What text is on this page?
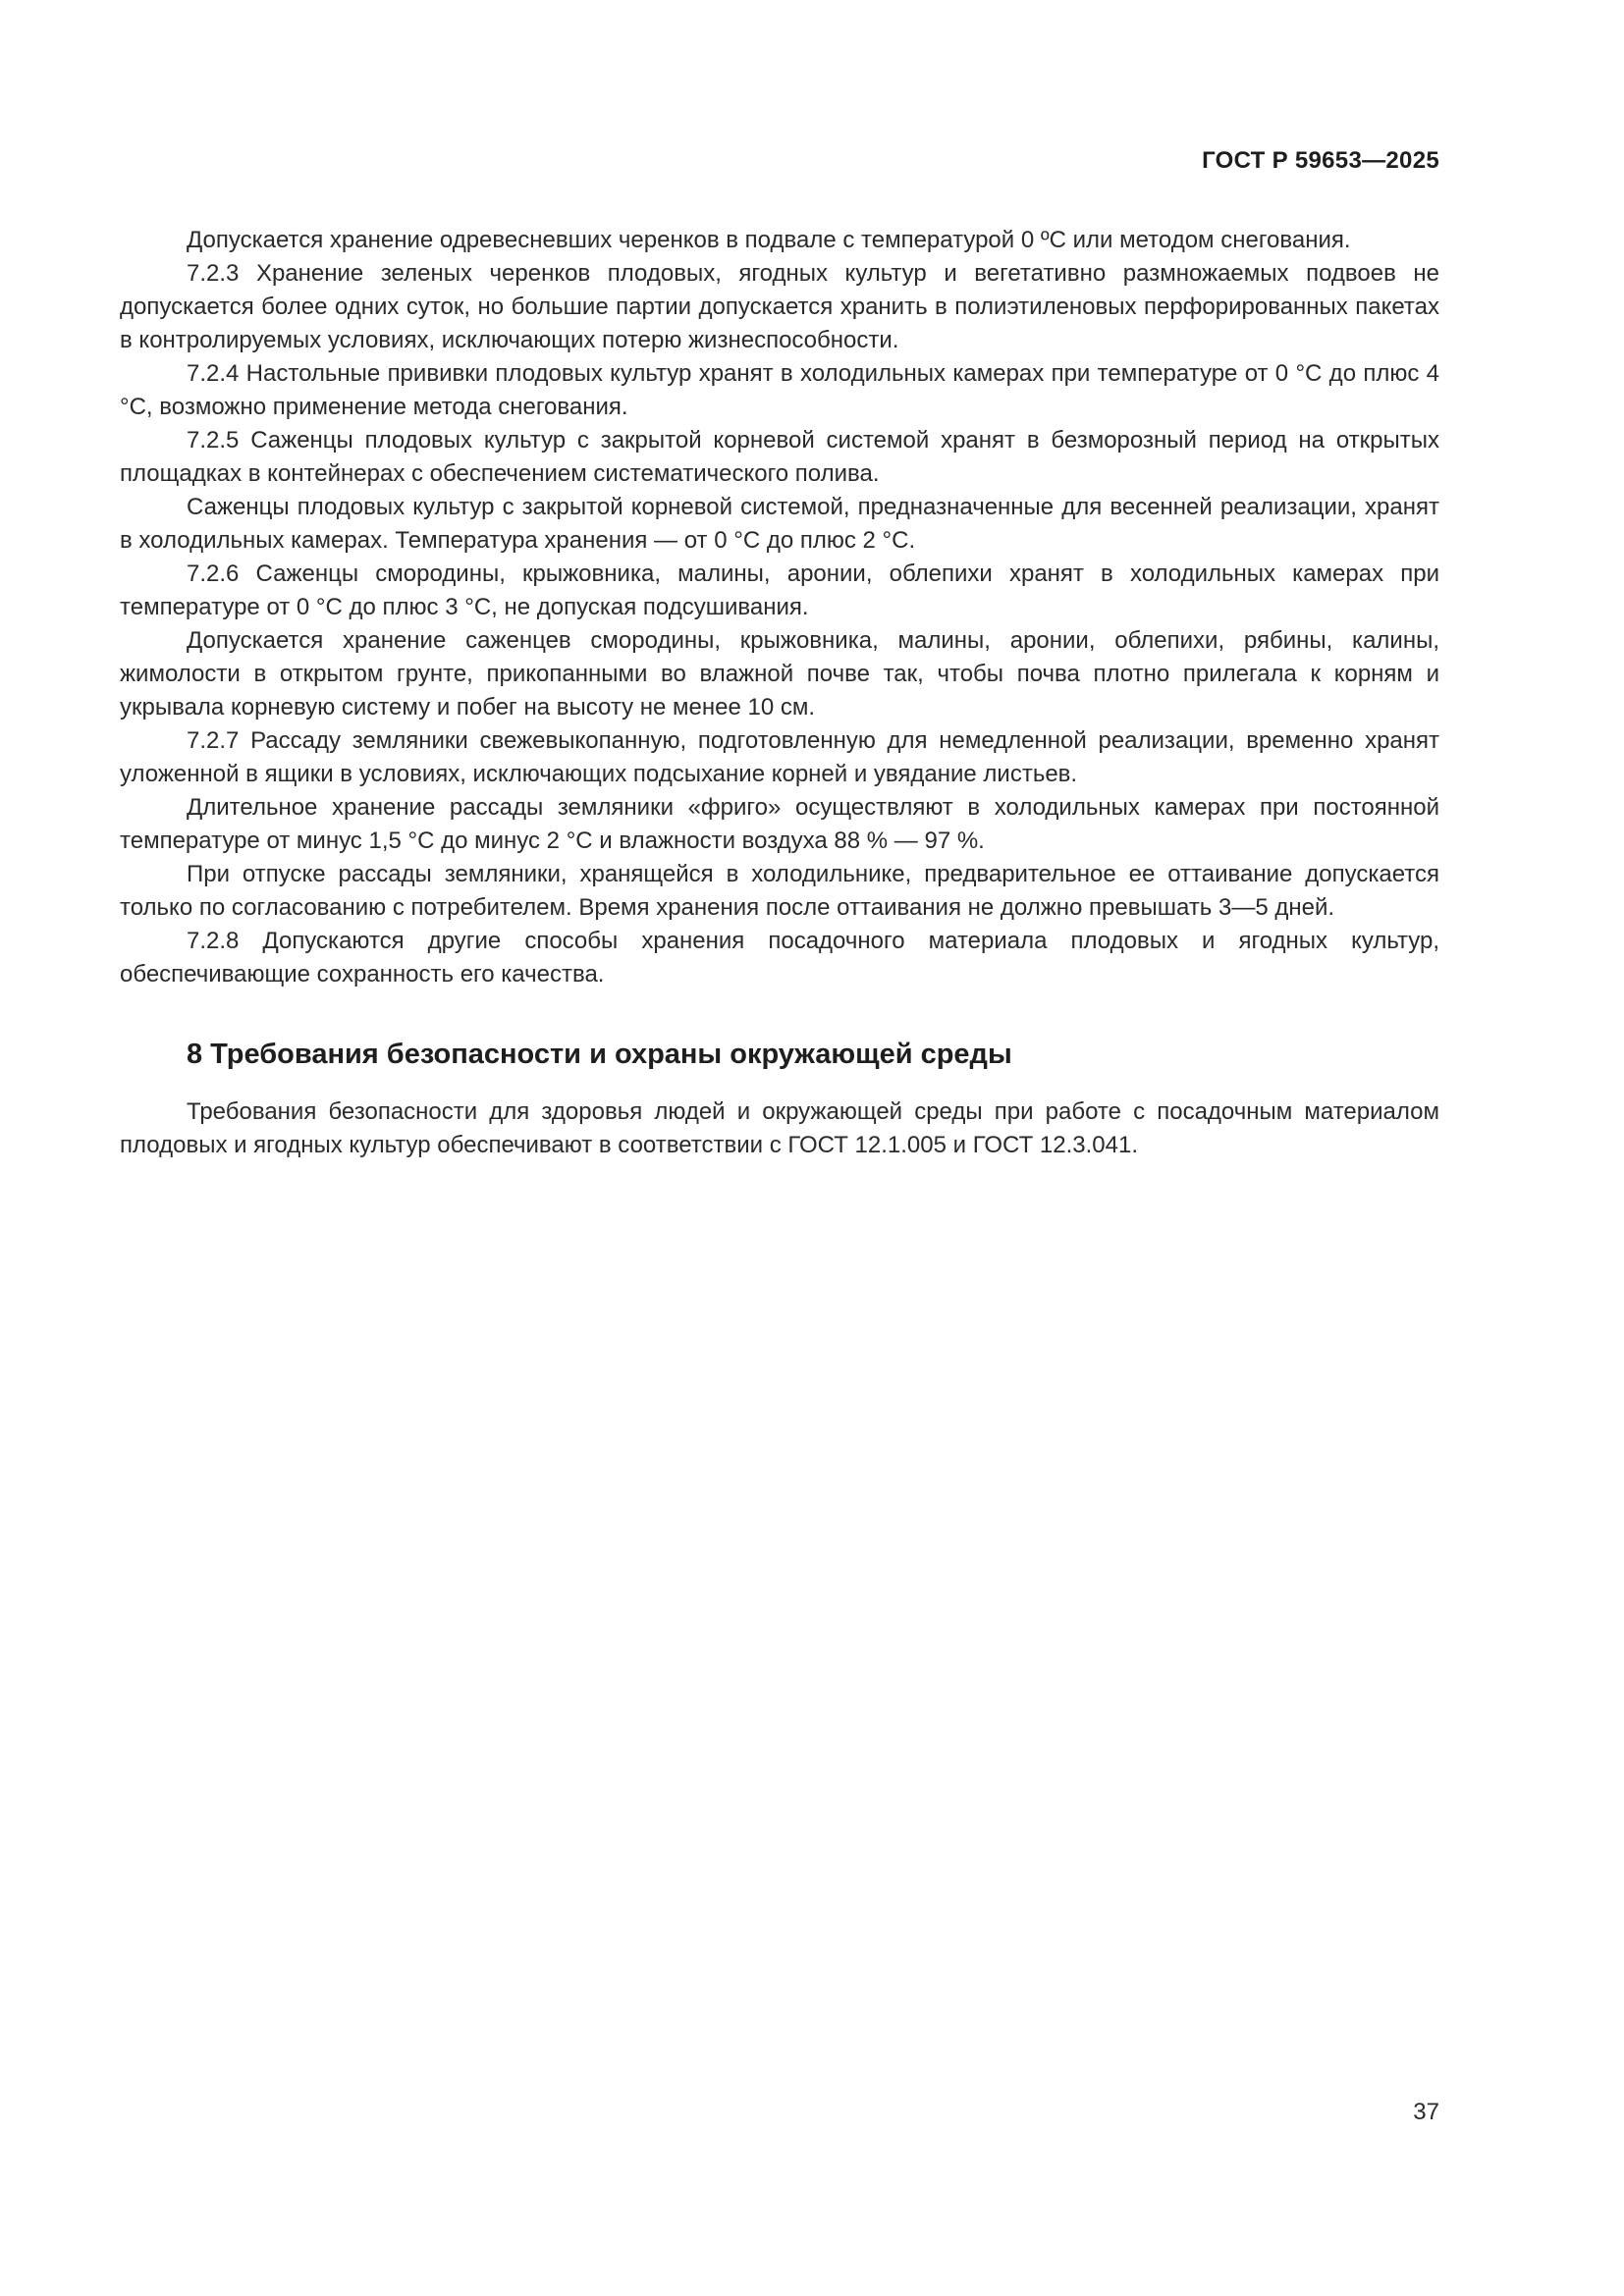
ГОСТ Р 59653—2025

Допускается хранение одревесневших черенков в подвале с температурой 0 ºС или методом снегования.

7.2.3 Хранение зеленых черенков плодовых, ягодных культур и вегетативно размножаемых подвоев не допускается более одних суток, но большие партии допускается хранить в полиэтиленовых перфорированных пакетах в контролируемых условиях, исключающих потерю жизнеспособности.

7.2.4 Настольные прививки плодовых культур хранят в холодильных камерах при температуре от 0 °С до плюс 4 °С, возможно применение метода снегования.

7.2.5 Саженцы плодовых культур с закрытой корневой системой хранят в безморозный период на открытых площадках в контейнерах с обеспечением систематического полива.

Саженцы плодовых культур с закрытой корневой системой, предназначенные для весенней реализации, хранят в холодильных камерах. Температура хранения — от 0 °С до плюс 2 °С.

7.2.6 Саженцы смородины, крыжовника, малины, аронии, облепихи хранят в холодильных камерах при температуре от 0 °С до плюс 3 °С, не допуская подсушивания.

Допускается хранение саженцев смородины, крыжовника, малины, аронии, облепихи, рябины, калины, жимолости в открытом грунте, прикопанными во влажной почве так, чтобы почва плотно прилегала к корням и укрывала корневую систему и побег на высоту не менее 10 см.

7.2.7 Рассаду земляники свежевыкопанную, подготовленную для немедленной реализации, временно хранят уложенной в ящики в условиях, исключающих подсыхание корней и увядание листьев.

Длительное хранение рассады земляники «фриго» осуществляют в холодильных камерах при постоянной температуре от минус 1,5 °С до минус 2 °С и влажности воздуха 88 % — 97 %.

При отпуске рассады земляники, хранящейся в холодильнике, предварительное ее оттаивание допускается только по согласованию с потребителем. Время хранения после оттаивания не должно превышать 3—5 дней.

7.2.8 Допускаются другие способы хранения посадочного материала плодовых и ягодных культур, обеспечивающие сохранность его качества.

8 Требования безопасности и охраны окружающей среды

Требования безопасности для здоровья людей и окружающей среды при работе с посадочным материалом плодовых и ягодных культур обеспечивают в соответствии с ГОСТ 12.1.005 и ГОСТ 12.3.041.

37
